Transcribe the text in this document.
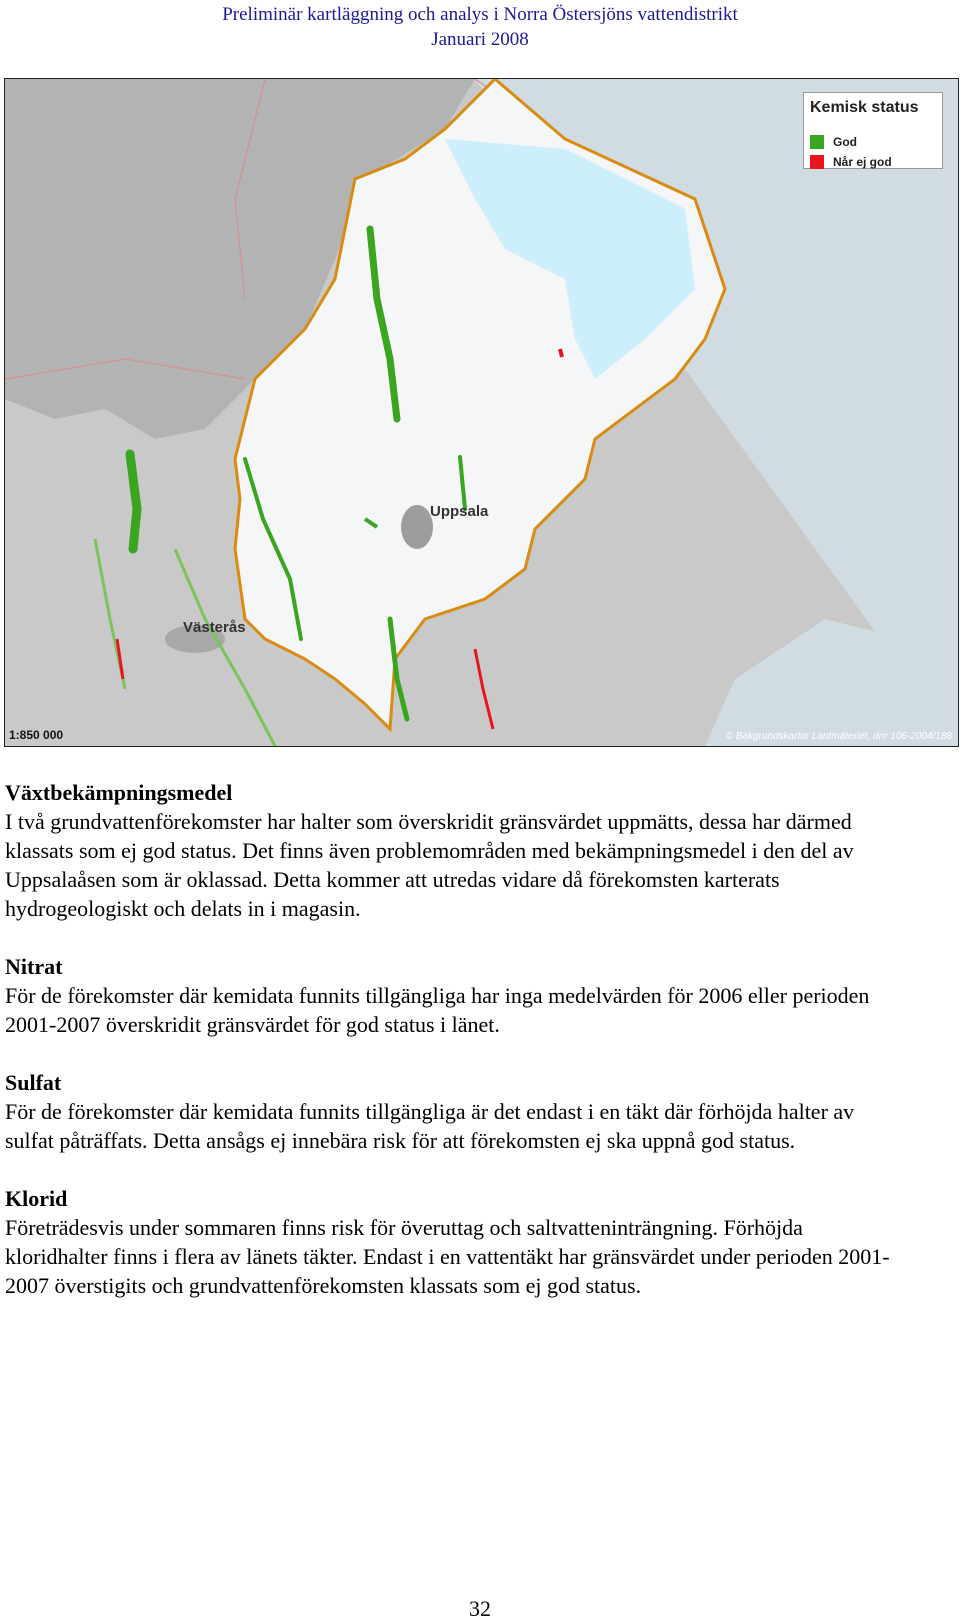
Preliminär kartläggning och analys i Norra Östersjöns vattendistrikt
Januari 2008
Kemisk status
God
Når ej god
Uppsala
Västerås
1:850 000	© Bakgrundskartor Lantmäteriet, dnr 106-2004/188
Växtbekämpningsmedel

I två grundvattenförekomster har halter som överskridit gränsvärdet uppmätts, dessa har därmed klassats som ej god status. Det finns även problemområden med bekämpningsmedel i den del av Uppsalaåsen som är oklassad. Detta kommer att utredas vidare då förekomsten karterats hydrogeologiskt och delats in i magasin.

Nitrat

För de förekomster där kemidata funnits tillgängliga har inga medelvärden för 2006 eller perioden 2001-2007 överskridit gränsvärdet för god status i länet.

Sulfat

För de förekomster där kemidata funnits tillgängliga är det endast i en täkt där förhöjda halter av sulfat påträffats. Detta ansågs ej innebära risk för att förekomsten ej ska uppnå god status.

Klorid

Företrädesvis under sommaren finns risk för överuttag och saltvatteninträngning. Förhöjda kloridhalter finns i flera av länets täkter. Endast i en vattentäkt har gränsvärdet under perioden 2001-2007 överstigits och grundvattenförekomsten klassats som ej god status.

32
